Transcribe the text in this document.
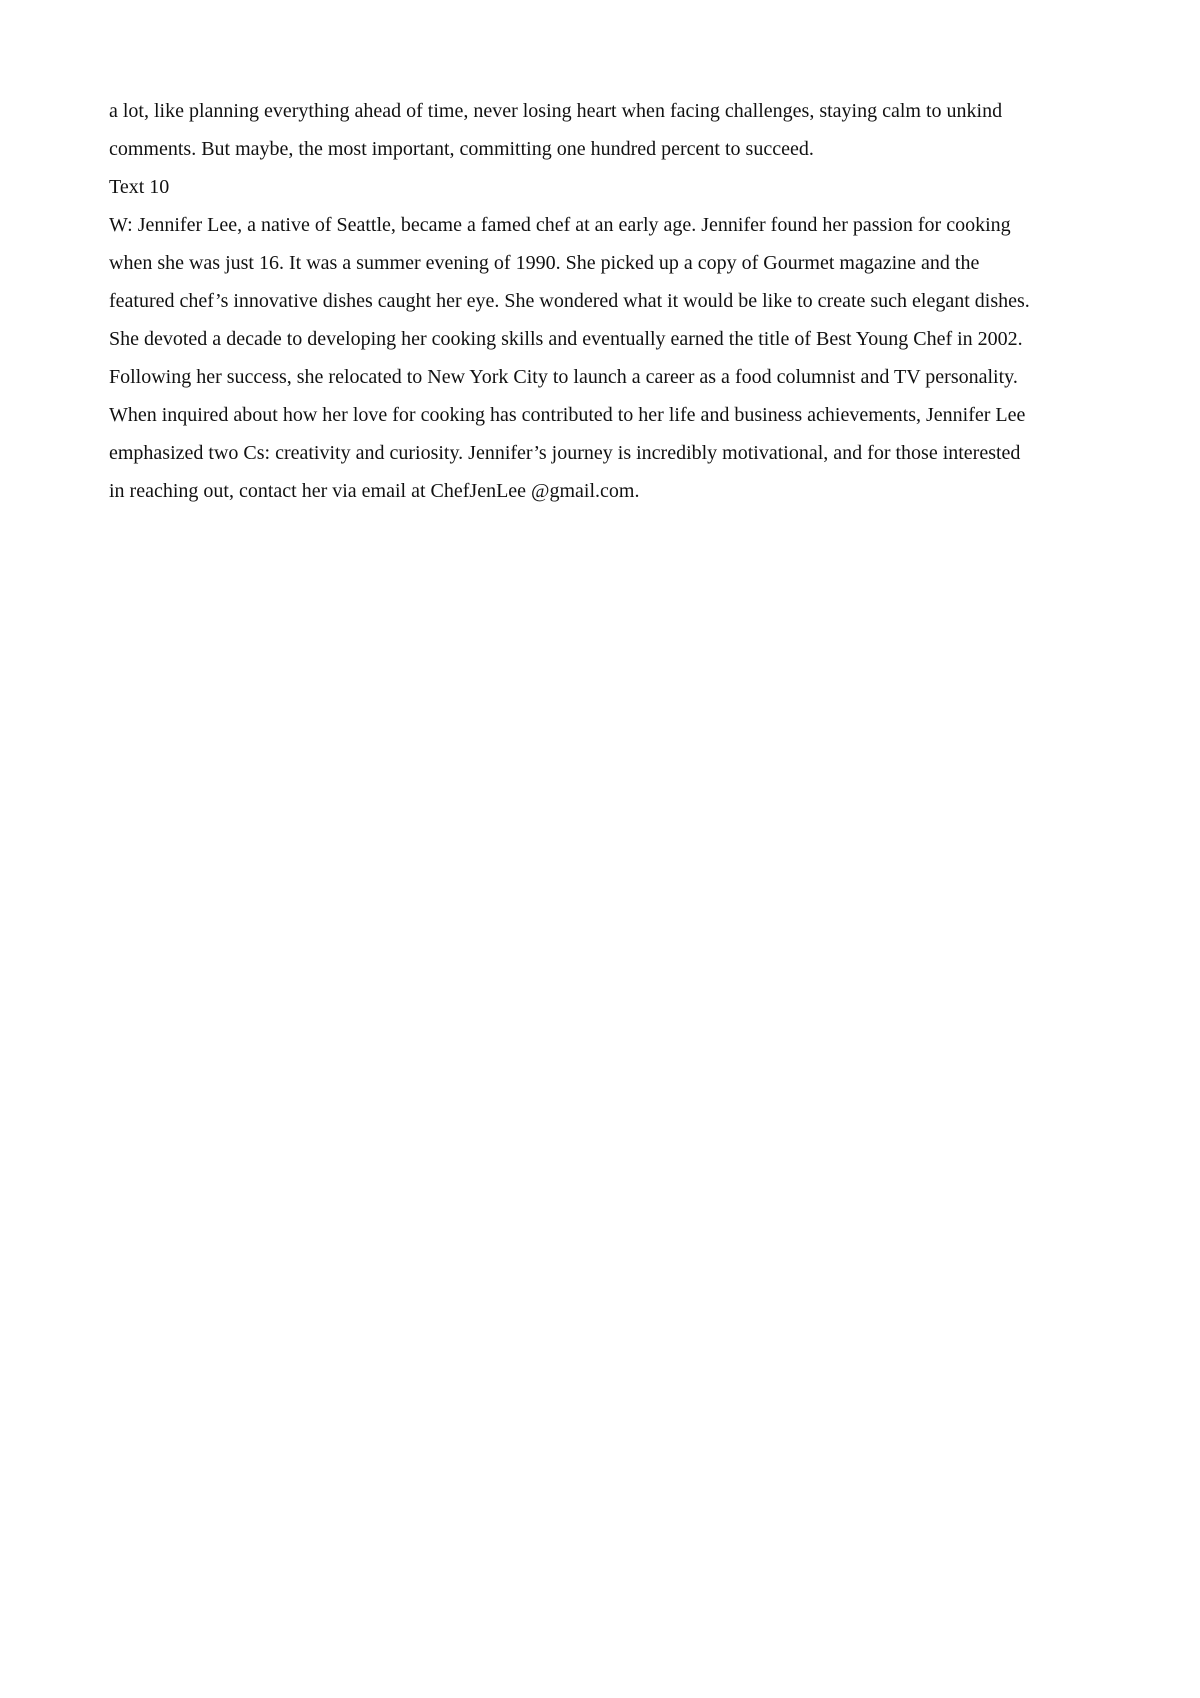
a lot, like planning everything ahead of time, never losing heart when facing challenges, staying calm to unkind
comments. But maybe, the most important, committing one hundred percent to succeed.
Text 10
W: Jennifer Lee, a native of Seattle, became a famed chef at an early age. Jennifer found her passion for cooking
when she was just 16. It was a summer evening of 1990. She picked up a copy of Gourmet magazine and the
featured chef’s innovative dishes caught her eye. She wondered what it would be like to create such elegant dishes.
She devoted a decade to developing her cooking skills and eventually earned the title of Best Young Chef in 2002.
Following her success, she relocated to New York City to launch a career as a food columnist and TV personality.
When inquired about how her love for cooking has contributed to her life and business achievements, Jennifer Lee
emphasized two Cs: creativity and curiosity. Jennifer’s journey is incredibly motivational, and for those interested
in reaching out, contact her via email at ChefJenLee @gmail.com.
